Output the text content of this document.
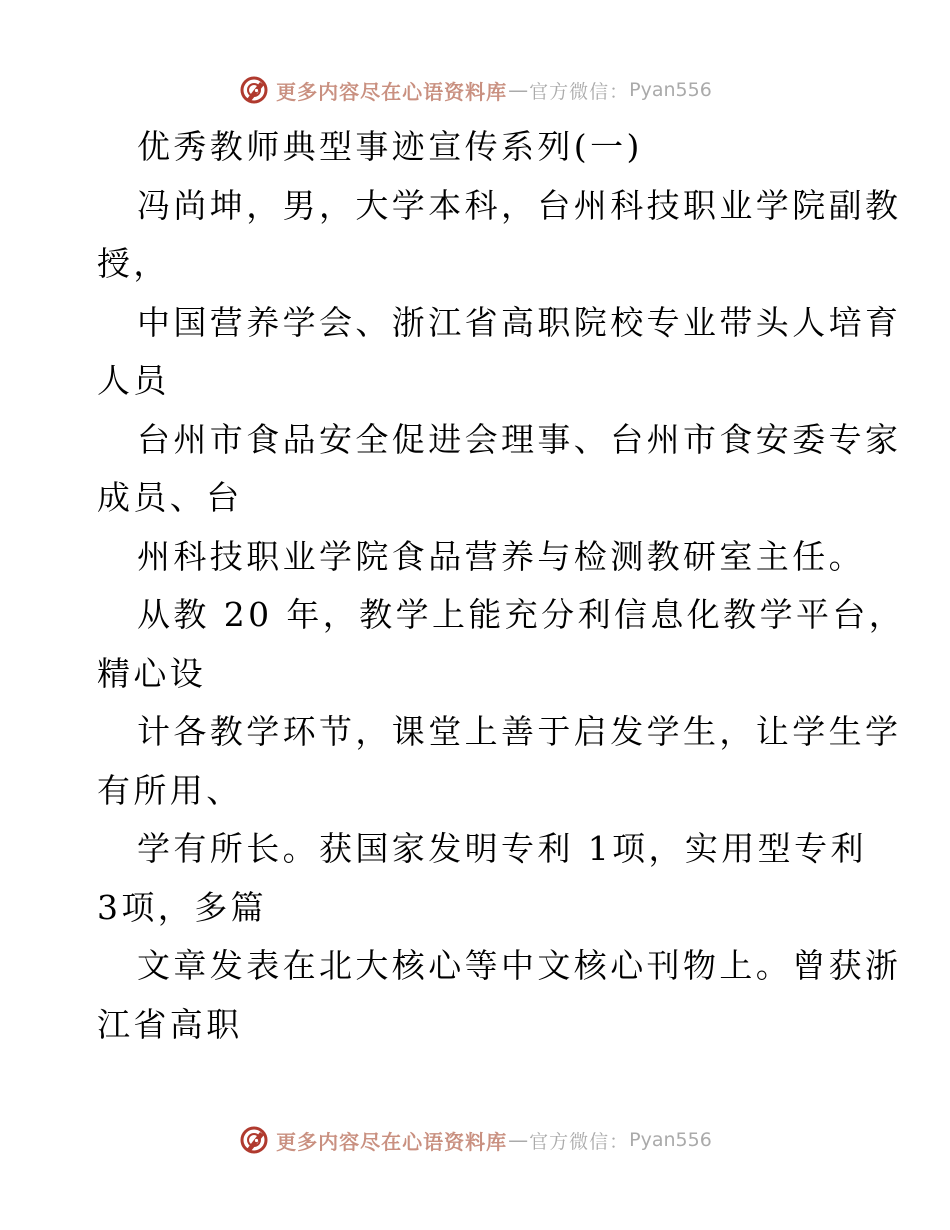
更多内容尽在心语资料库 — 官方微信： Pyan556
优秀教师典型事迹宣传系列(一)
冯尚坤，男，大学本科，台州科技职业学院副教
授，
中国营养学会、浙江省高职院校专业带头人培育
人员
台州市食品安全促进会理事、台州市食安委专家
成员、台
州科技职业学院食品营养与检测教研室主任。
从教 20 年，教学上能充分利信息化教学平台，
精心设
计各教学环节，课堂上善于启发学生，让学生学
有所用、
学有所长。获国家发明专利 1项，实用型专利
3项，多篇
文章发表在北大核心等中文核心刊物上。曾获浙
江省高职
更多内容尽在心语资料库 — 官方微信： Pyan556
